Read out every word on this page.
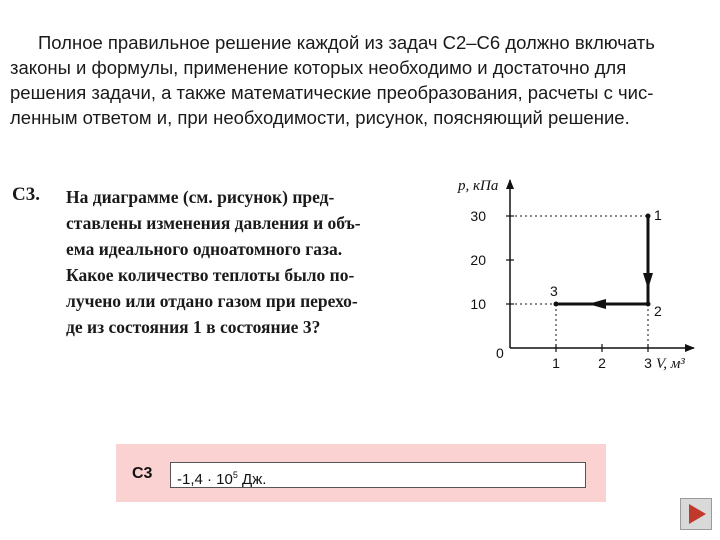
Полное правильное решение каждой из задач С2–С6 должно включать
законы и формулы, применение которых необходимо и достаточно для
решения задачи, а также математические преобразования, расчеты с чис-
ленным ответом и, при необходимости, рисунок, поясняющий решение.
С3. На диаграмме (см. рисунок) пред-
ставлены изменения давления и объ-
ема идеального одноатомного газа.
Какое количество теплоты было по-
лучено или отдано газом при перехо-
де из состояния 1 в состояние 3?
p, кПа
V, м³
0
10
20
30
1	2	3
1
2
3
С3	$-1,4 \cdot 10^5$ Дж.
